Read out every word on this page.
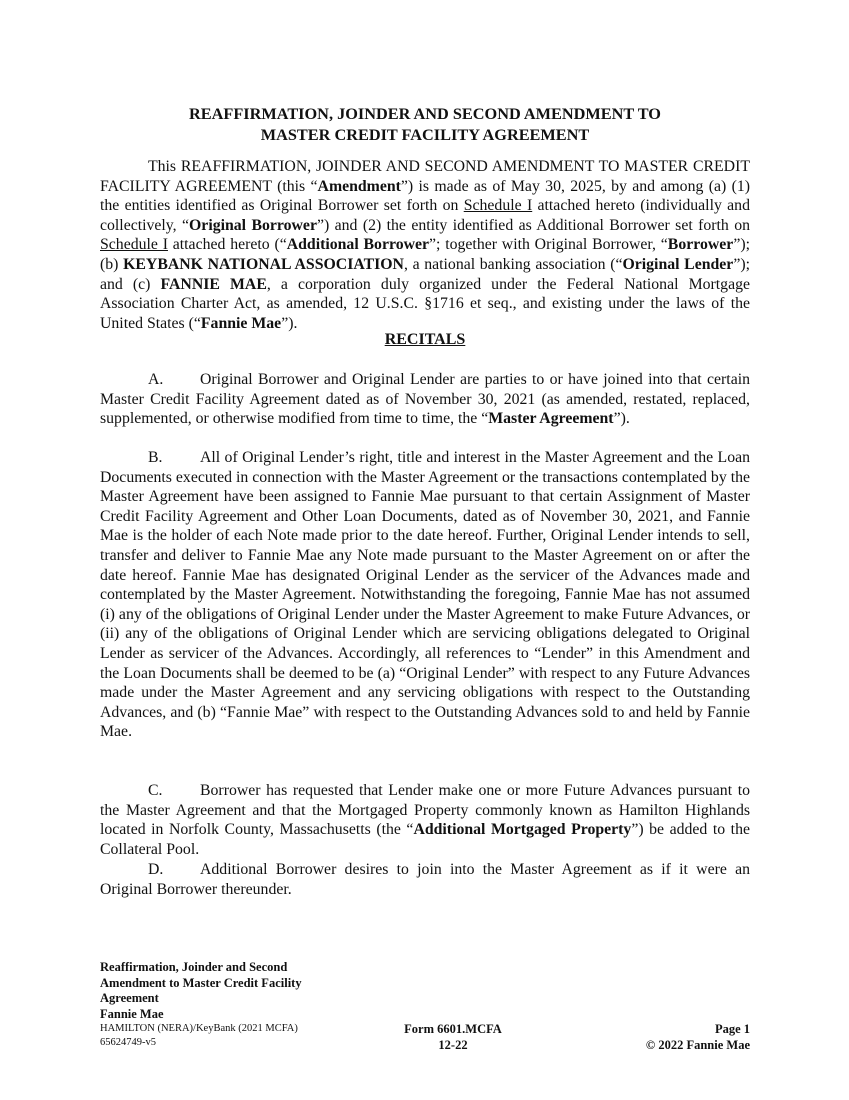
REAFFIRMATION, JOINDER AND SECOND AMENDMENT TO
MASTER CREDIT FACILITY AGREEMENT

This REAFFIRMATION, JOINDER AND SECOND AMENDMENT TO MASTER CREDIT FACILITY AGREEMENT (this “Amendment”) is made as of May 30, 2025, by and among (a) (1) the entities identified as Original Borrower set forth on Schedule I attached hereto (individually and collectively, “Original Borrower”) and (2) the entity identified as Additional Borrower set forth on Schedule I attached hereto (“Additional Borrower”; together with Original Borrower, “Borrower”); (b) KEYBANK NATIONAL ASSOCIATION, a national banking association (“Original Lender”); and (c) FANNIE MAE, a corporation duly organized under the Federal National Mortgage Association Charter Act, as amended, 12 U.S.C. §1716 et seq., and existing under the laws of the United States (“Fannie Mae”).

RECITALS

A. Original Borrower and Original Lender are parties to or have joined into that certain Master Credit Facility Agreement dated as of November 30, 2021 (as amended, restated, replaced, supplemented, or otherwise modified from time to time, the “Master Agreement”).

B. All of Original Lender’s right, title and interest in the Master Agreement and the Loan Documents executed in connection with the Master Agreement or the transactions contemplated by the Master Agreement have been assigned to Fannie Mae pursuant to that certain Assignment of Master Credit Facility Agreement and Other Loan Documents, dated as of November 30, 2021, and Fannie Mae is the holder of each Note made prior to the date hereof. Further, Original Lender intends to sell, transfer and deliver to Fannie Mae any Note made pursuant to the Master Agreement on or after the date hereof. Fannie Mae has designated Original Lender as the servicer of the Advances made and contemplated by the Master Agreement. Notwithstanding the foregoing, Fannie Mae has not assumed (i) any of the obligations of Original Lender under the Master Agreement to make Future Advances, or (ii) any of the obligations of Original Lender which are servicing obligations delegated to Original Lender as servicer of the Advances. Accordingly, all references to “Lender” in this Amendment and the Loan Documents shall be deemed to be (a) “Original Lender” with respect to any Future Advances made under the Master Agreement and any servicing obligations with respect to the Outstanding Advances, and (b) “Fannie Mae” with respect to the Outstanding Advances sold to and held by Fannie Mae.

C. Borrower has requested that Lender make one or more Future Advances pursuant to the Master Agreement and that the Mortgaged Property commonly known as Hamilton Highlands located in Norfolk County, Massachusetts (the “Additional Mortgaged Property”) be added to the Collateral Pool.

D. Additional Borrower desires to join into the Master Agreement as if it were an Original Borrower thereunder.

Reaffirmation, Joinder and Second
Amendment to Master Credit Facility
Agreement
Fannie Mae
HAMILTON (NERA)/KeyBank (2021 MCFA)
65624749-v5
Form 6601.MCFA
12-22
Page 1
© 2022 Fannie Mae
